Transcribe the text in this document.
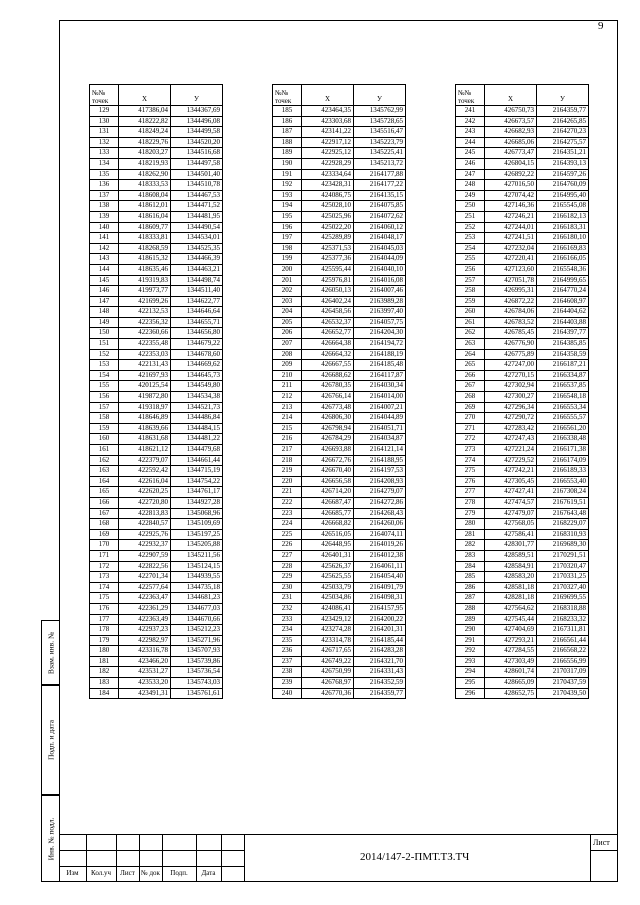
9
№№
точек	X	У
129	417386,04	1344367,69
130	418222,82	1344496,08
131	418249,24	1344499,58
132	418229,76	1344520,20
133	418203,27	1344516,68
134	418219,93	1344497,58
135	418262,90	1344501,40
136	418333,53	1344510,78
137	418608,04	1344467,53
138	418612,01	1344471,52
139	418616,04	1344481,95
140	418609,77	1344490,54
141	418333,81	1344534,01
142	418268,59	1344525,35
143	418615,32	1344466,39
144	418635,46	1344463,21
145	419319,83	1344498,74
146	419973,77	1344511,40
147	421699,26	1344622,77
148	422132,53	1344646,64
149	422356,32	1344655,71
150	422360,66	1344656,80
151	422355,48	1344679,22
152	422353,03	1344678,60
153	422131,43	1344669,62
154	421697,93	1344645,73
155	420125,54	1344549,80
156	419872,80	1344534,38
157	419318,97	1344521,73
158	418646,89	1344486,84
159	418639,66	1344484,15
160	418631,68	1344481,22
161	418621,12	1344479,68
162	422379,07	1344661,44
163	422592,42	1344715,19
164	422616,04	1344754,22
165	422620,25	1344761,17
166	422720,80	1344927,28
167	422813,83	1345068,96
168	422840,57	1345109,69
169	422925,76	1345197,25
170	422932,37	1345205,88
171	422907,59	1345211,56
172	422822,56	1345124,15
173	422701,34	1344939,55
174	422577,64	1344735,18
175	422363,47	1344681,23
176	422361,29	1344677,03
177	422363,49	1344670,66
178	422937,23	1345212,23
179	422982,97	1345271,96
180	423316,78	1345707,93
181	423466,20	1345739,86
182	423531,27	1345736,54
183	423533,20	1345743,03
184	423491,31	1345761,61
№№
точек	X	У
185	423464,35	1345762,99
186	423303,68	1345728,65
187	423141,22	1345516,47
188	422917,12	1345223,79
189	422925,12	1345225,41
190	422928,29	1345213,72
191	423334,64	2164177,88
192	423428,31	2164177,22
193	424086,75	2164135,15
194	425028,10	2164075,85
195	425025,96	2164072,62
196	425022,20	2164060,12
197	425289,89	2164048,17
198	425371,53	2164045,03
199	425377,36	2164044,09
200	425595,44	2164040,10
201	425976,81	2164016,08
202	426050,13	2164007,46
203	426402,24	2163989,28
204	426458,56	2163997,40
205	426532,37	2164057,75
206	426652,77	2164204,30
207	426664,38	2164194,72
208	426664,32	2164188,19
209	426667,55	2164185,48
210	426688,62	2164117,87
211	426780,35	2164030,34
212	426766,14	2164014,00
213	426773,48	2164007,21
214	426806,30	2164044,89
215	426798,94	2164051,71
216	426784,29	2164034,87
217	426693,88	2164121,14
218	426672,76	2164188,95
219	426670,40	2164197,53
220	426656,58	2164208,93
221	426714,20	2164279,07
222	426687,47	2164272,86
223	426685,77	2164268,43
224	426668,82	2164260,06
225	426516,05	2164074,11
226	426448,95	2164019,26
227	426401,31	2164012,38
228	425626,37	2164061,11
229	425625,55	2164054,40
230	425033,79	2164091,79
231	425034,86	2164098,31
232	424086,41	2164157,95
233	423429,12	2164200,22
234	423274,28	2164201,31
235	423314,78	2164185,44
236	426717,65	2164283,28
237	426749,22	2164321,70
238	426750,99	2164331,43
239	426768,97	2164352,59
240	426770,36	2164359,77
№№
точек	X	У
241	426750,73	2164359,77
242	426673,57	2164265,85
243	426682,93	2164270,23
244	426685,06	2164275,57
245	426773,47	2164351,21
246	426804,15	2164393,13
247	426892,22	2164597,26
248	427016,50	2164760,09
249	427074,42	2164995,40
250	427146,36	2165545,08
251	427246,21	2166182,13
252	427244,01	2166183,31
253	427241,51	2166180,10
254	427232,04	2166169,83
255	427220,41	2166166,05
256	427123,60	2165548,36
257	427051,78	2164999,65
258	426995,31	2164770,24
259	426872,22	2164608,97
260	426784,06	2164404,62
261	426783,52	2164403,88
262	426785,45	2164397,77
263	426776,90	2164385,85
264	426775,89	2164358,59
265	427247,00	2166187,21
266	427270,15	2166334,87
267	427302,94	2166537,85
268	427300,27	2166548,18
269	427296,34	2166553,34
270	427290,72	2166555,57
271	427283,42	2166561,20
272	427247,43	2166338,48
273	427221,24	2166171,38
274	427229,52	2166174,09
275	427242,21	2166189,33
276	427305,45	2166553,40
277	427427,41	2167308,24
278	427474,57	2167619,51
279	427479,07	2167643,48
280	427568,05	2168229,07
281	427586,41	2168310,93
282	428301,77	2169689,30
283	428589,51	2170291,51
284	428584,91	2170320,47
285	428583,20	2170331,25
286	428581,18	2170327,40
287	428281,18	2169699,55
288	427564,62	2168318,88
289	427545,44	2168233,32
290	427404,69	2167311,81
291	427293,21	2166561,44
292	427284,55	2166568,22
293	427303,49	2166556,99
294	428601,74	2170317,09
295	428665,09	2170437,59
296	428652,75	2170439,50
Взам. инв. №
Подп. и дата
Инв. № подл.
Изм	Кол.уч	Лист № док	Подп.	Дата
2014/147-2-ПМТ.ТЗ.ТЧ
Лист
